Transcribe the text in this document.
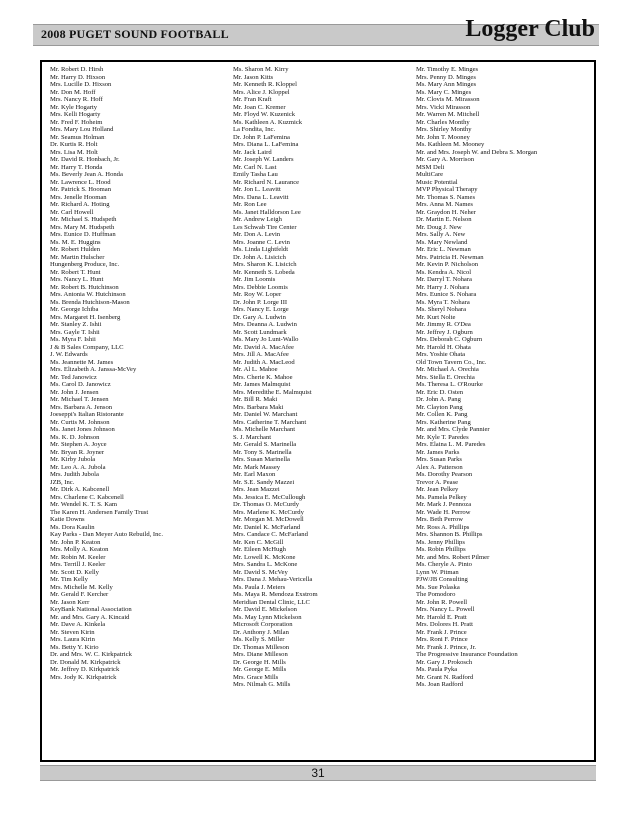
2008 PUGET SOUND FOOTBALL	Logger Club
Mr. Robert D. Hirsh
Mr. Harry D. Hixson
Mrs. Lucille D. Hixson
Mr. Don M. Hoff
Mrs. Nancy R. Hoff
Mr. Kyle Hogarty
Mrs. Kelli Hogarty
Mr. Fred F. Hoheim
Mrs. Mary Lou Holland
Mr. Seamus Holman
Dr. Kurtis R. Holt
Mrs. Lisa M. Holt
Mr. David R. Honbach, Jr.
Mr. Harry T. Honda
Ms. Beverly Jean A. Honda
Mr. Lawrence L. Hood
Mr. Patrick S. Hooman
Mrs. Jenelle Hooman
Mr. Richard A. Hoting
Mr. Carl Howell
Mr. Michael S. Hudspeth
Mrs. Mary M. Hudspeth
Mrs. Eunice D. Huffman
Ms. M. E. Huggins
Mr. Robert Hulden
Mr. Martin Hulscher
Hungenberg Produce, Inc.
Mr. Robert T. Hunt
Mrs. Nancy L. Hunt
Mr. Robert B. Hutchinson
Mrs. Antonia W. Hutchinson
Ms. Brenda Hutchison-Mason
Mr. George Ichiba
Mrs. Margaret H. Isenberg
Mr. Stanley Z. Ishii
Mrs. Gayle T. Ishii
Ms. Myra F. Ishii
J & B Sales Company, LLC
J. W. Edwards
Ms. Jeannette M. James
Mrs. Elizabeth A. Janssa-McVey
Mr. Ted Janowicz
Ms. Carol D. Janowicz
Mr. John J. Jensen
Mr. Michael T. Jensen
Mrs. Barbara A. Jenson
Joeseppi's Italian Ristorante
Mr. Curtis M. Johnson
Ms. Janet Jones Johnson
Ms. K. D. Johnson
Mr. Stephen A. Joyce
Mr. Bryan R. Joyner
Mr. Kirby Jubola
Mr. Leo A. A. Jubola
Mrs. Judith Jubola
JZB, Inc.
Mr. Dirk A. Kabcenell
Mrs. Charlene C. Kabcenell
Mr. Wendel K. T. S. Kam
The Karen H. Andersen Family Trust
Katie Downs
Ms. Dora Kaulin
Kay Parks - Dan Meyer Auto Rebuild, Inc.
Mr. John P. Keaton
Mrs. Molly A. Keaton
Mr. Robin M. Keeler
Mrs. Terrill J. Keeler
Mr. Scott D. Kelly
Mr. Tim Kelly
Mrs. Michelle M. Kelly
Mr. Gerald F. Kercher
Mr. Jason Kerr
KeyBank National Association
Mr. and Mrs. Gary A. Kincaid
Mr. Dave A. Kinkela
Mr. Steven Kirin
Mrs. Laura Kirin
Ms. Betty Y. Kirio
Dr. and Mrs. W. C. Kirkpatrick
Dr. Donald M. Kirkpatrick
Mr. Jeffrey D. Kirkpatrick
Mrs. Jody K. Kirkpatrick
Ms. Sharon M. Kirry
Mr. Jason Kitts
Mr. Kenneth R. Kloppel
Mrs. Alice J. Kloppel
Mr. Fran Kraft
Mr. Joan C. Kremer
Mr. Floyd W. Kuzenick
Ms. Kathleen A. Kuzmick
La Fondita, Inc.
Dr. John P. LaFemina
Mrs. Diana L. LaFemina
Mr. Jack Laird
Mr. Joseph W. Landers
Mr. Carl N. Last
Emily Tasha Lau
Mr. Richard N. Laurance
Mr. Jon L. Leavitt
Mrs. Dana L. Leavitt
Mr. Ron Lee
Ms. Janet Halldorson Lee
Mr. Andrew Leigh
Les Schwab Tire Center
Mr. Don A. Levin
Mrs. Joanne C. Levin
Ms. Linda Lightfeldt
Dr. John A. Lisicich
Mrs. Sharon K. Lisicich
Mr. Kenneth S. Lobeda
Mr. Jim Loomis
Mrs. Debbie Loomis
Mr. Roy W. Loper
Dr. John P. Lorge III
Mrs. Nancy E. Lorge
Dr. Gary A. Ludwin
Mrs. Deanna A. Ludwin
Mr. Scott Lundmark
Ms. Mary Jo Lunt-Wallo
Mr. David A. MacAfee
Mrs. Jill A. MacAfee
Mr. Judith A. MacLeod
Mr. Al L. Mahoe
Mrs. Cherie K. Mahoe
Mr. James Malmquist
Mrs. Meredithe E. Malmquist
Mr. Bill R. Maki
Mrs. Barbara Maki
Mr. Daniel W. Marchant
Mrs. Catherine T. Marchant
Ms. Michelle Marchant
S. J. Marchant
Mr. Gerald S. Marinella
Mr. Tony S. Marinella
Mrs. Susan Marinella
Mr. Mark Massey
Mr. Earl Maxon
Mr. S.E. Sandy Mazzei
Mrs. Jean Mazzei
Ms. Jessica E. McCullough
Dr. Thomas O. McCurdy
Mrs. Marlene K. McCurdy
Mr. Morgan M. McDowell
Mr. Daniel K. McFarland
Mrs. Candace C. McFarland
Mr. Ken C. McGill
Mr. Eileen McHugh
Mr. Lowell K. McKone
Mrs. Sandra L. McKone
Mr. David S. McVey
Mrs. Dana J. Mehau-Vericella
Ms. Paula J. Meiers
Ms. Maya R. Mendoza Exstrom
Meridian Dental Clinic, LLC
Mr. David E. Mickelson
Ms. May Lynn Mickelson
Microsoft Corporation
Dr. Anthony J. Milan
Ms. Kelly S. Miller
Dr. Thomas Milleson
Mrs. Diane Milleson
Dr. George H. Mills
Mr. George E. Mills
Mrs. Grace Mills
Mrs. Nilmah G. Mills
Mr. Timothy E. Minges
Mrs. Penny D. Minges
Ms. Mary Ann Minges
Ms. Mary C. Minges
Mr. Clovis M. Mirasson
Mrs. Vicki Mirasson
Mr. Warren M. Mitchell
Mr. Charles Monthy
Mrs. Shirley Monthy
Mr. John T. Mooney
Ms. Kathleen M. Mooney
Mr. and Mrs. Joseph W. and Debra S. Morgan
Mr. Gary A. Morrison
MSM Deli
MultiCare
Music Potential
MVP Physical Therapy
Mr. Thomas S. Names
Mrs. Anna M. Names
Mr. Graydon H. Neher
Dr. Martin E. Nelson
Mr. Doug J. New
Mrs. Sally A. New
Ms. Mary Newland
Mr. Eric L. Newman
Mrs. Patricia H. Newman
Mr. Kevin P. Nicholson
Ms. Kendra A. Nicol
Mr. Darryl T. Nohara
Mr. Harry J. Nohara
Mrs. Eunice S. Nohara
Ms. Myra T. Nohara
Ms. Sheryl Nohara
Mr. Kurt Nolte
Mr. Jimmy R. O'Dea
Mr. Jeffrey J. Ogburn
Mrs. Deborah C. Ogburn
Mr. Harold H. Ohata
Mrs. Yoshie Ohata
Old Town Tavern Co., Inc.
Mr. Michael A. Orechia
Mrs. Stella E. Orechia
Ms. Theresa L. O'Rourke
Mr. Eric D. Osten
Dr. John A. Pang
Mr. Clayton Pang
Mr. Collen K. Pang
Mrs. Katherine Pang
Mr. and Mrs. Clyde Pannier
Mr. Kyle T. Paredes
Mrs. Elaina L. M. Paredes
Mr. James Parks
Mrs. Susan Parks
Alex A. Patterson
Ms. Dorothy Pearson
Trevor A. Pease
Mr. Jean Pelkey
Ms. Pamela Pelkey
Mr. Mark J. Pennoza
Mr. Wade H. Perrow
Mrs. Beth Perrow
Mr. Ross A. Phillips
Mrs. Shannon B. Phillips
Ms. Jenny Phillips
Ms. Robin Phillips
Mr. and Mrs. Robert Pilmer
Ms. Cheryle A. Pinto
Lynn W. Pitman
PJW/JB Consulting
Ms. Sue Polaska
The Pomodoro
Mr. John R. Powell
Mrs. Nancy L. Powell
Mr. Harold E. Pratt
Mrs. Dolores H. Pratt
Mr. Frank J. Prince
Mrs. Roni F. Prince
Mr. Frank J. Prince, Jr.
The Progressive Insurance Foundation
Mr. Gary J. Prokosch
Ms. Paula Pyka
Mr. Grant N. Radford
Ms. Joan Radford
31
